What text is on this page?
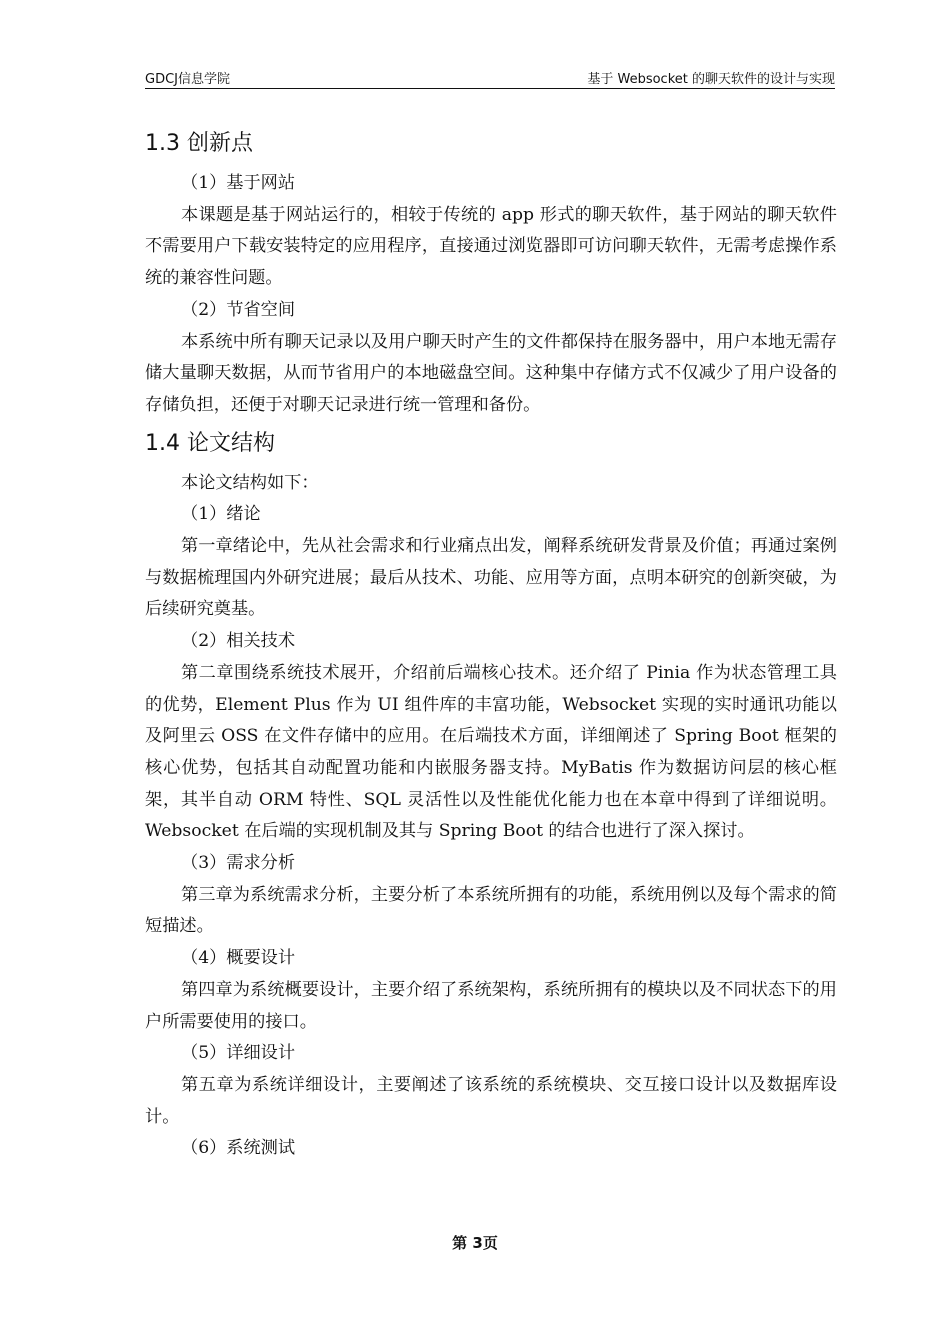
GDCJ信息学院	基于 Websocket 的聊天软件的设计与实现
1.3 创新点

（1）基于网站

本课题是基于网站运行的，相较于传统的 app 形式的聊天软件，基于网站的聊天软件不需要用户下载安装特定的应用程序，直接通过浏览器即可访问聊天软件，无需考虑操作系统的兼容性问题。

（2）节省空间

本系统中所有聊天记录以及用户聊天时产生的文件都保持在服务器中，用户本地无需存储大量聊天数据，从而节省用户的本地磁盘空间。这种集中存储方式不仅减少了用户设备的存储负担，还便于对聊天记录进行统一管理和备份。

1.4 论文结构

本论文结构如下：

（1）绪论

第一章绪论中，先从社会需求和行业痛点出发，阐释系统研发背景及价值；再通过案例与数据梳理国内外研究进展；最后从技术、功能、应用等方面，点明本研究的创新突破，为后续研究奠基。

（2）相关技术

第二章围绕系统技术展开，介绍前后端核心技术。还介绍了 Pinia 作为状态管理工具的优势，Element Plus 作为 UI 组件库的丰富功能，Websocket 实现的实时通讯功能以及阿里云 OSS 在文件存储中的应用。在后端技术方面，详细阐述了 Spring Boot 框架的核心优势，包括其自动配置功能和内嵌服务器支持。MyBatis 作为数据访问层的核心框架，其半自动 ORM 特性、SQL 灵活性以及性能优化能力也在本章中得到了详细说明。Websocket 在后端的实现机制及其与 Spring Boot 的结合也进行了深入探讨。

（3）需求分析

第三章为系统需求分析，主要分析了本系统所拥有的功能，系统用例以及每个需求的简短描述。

（4）概要设计

第四章为系统概要设计，主要介绍了系统架构，系统所拥有的模块以及不同状态下的用户所需要使用的接口。

（5）详细设计

第五章为系统详细设计，主要阐述了该系统的系统模块、交互接口设计以及数据库设计。

（6）系统测试

第 3页
